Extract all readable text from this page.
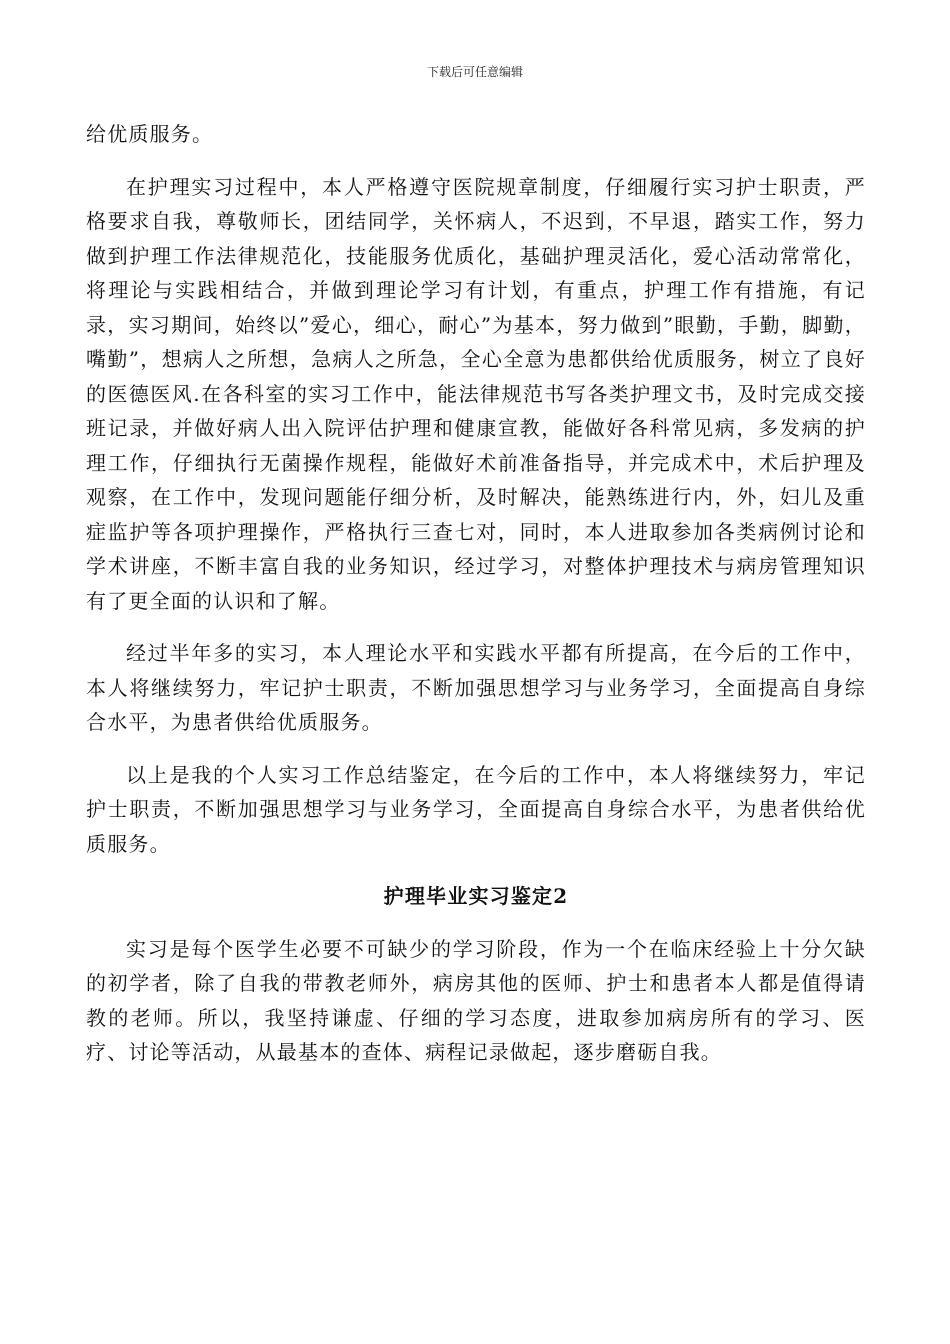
下载后可任意编辑

给优质服务。

在护理实习过程中，本人严格遵守医院规章制度，仔细履行实习护士职责，严格要求自我，尊敬师长，团结同学，关怀病人，不迟到，不早退，踏实工作，努力做到护理工作法律规范化，技能服务优质化，基础护理灵活化，爱心活动常常化，将理论与实践相结合，并做到理论学习有计划，有重点，护理工作有措施，有记录，实习期间，始终以”爱心，细心，耐心”为基本，努力做到”眼勤，手勤，脚勤，嘴勤”，想病人之所想，急病人之所急，全心全意为患都供给优质服务，树立了良好的医德医风.在各科室的实习工作中，能法律规范书写各类护理文书，及时完成交接班记录，并做好病人出入院评估护理和健康宣教，能做好各科常见病，多发病的护理工作，仔细执行无菌操作规程，能做好术前准备指导，并完成术中，术后护理及观察，在工作中，发现问题能仔细分析，及时解决，能熟练进行内，外，妇儿及重症监护等各项护理操作，严格执行三查七对，同时，本人进取参加各类病例讨论和学术讲座，不断丰富自我的业务知识，经过学习，对整体护理技术与病房管理知识有了更全面的认识和了解。

经过半年多的实习，本人理论水平和实践水平都有所提高，在今后的工作中，本人将继续努力，牢记护士职责，不断加强思想学习与业务学习，全面提高自身综合水平，为患者供给优质服务。

以上是我的个人实习工作总结鉴定，在今后的工作中，本人将继续努力，牢记护士职责，不断加强思想学习与业务学习，全面提高自身综合水平，为患者供给优质服务。

护理毕业实习鉴定2

实习是每个医学生必要不可缺少的学习阶段，作为一个在临床经验上十分欠缺的初学者，除了自我的带教老师外，病房其他的医师、护士和患者本人都是值得请教的老师。所以，我坚持谦虚、仔细的学习态度，进取参加病房所有的学习、医疗、讨论等活动，从最基本的查体、病程记录做起，逐步磨砺自我。
